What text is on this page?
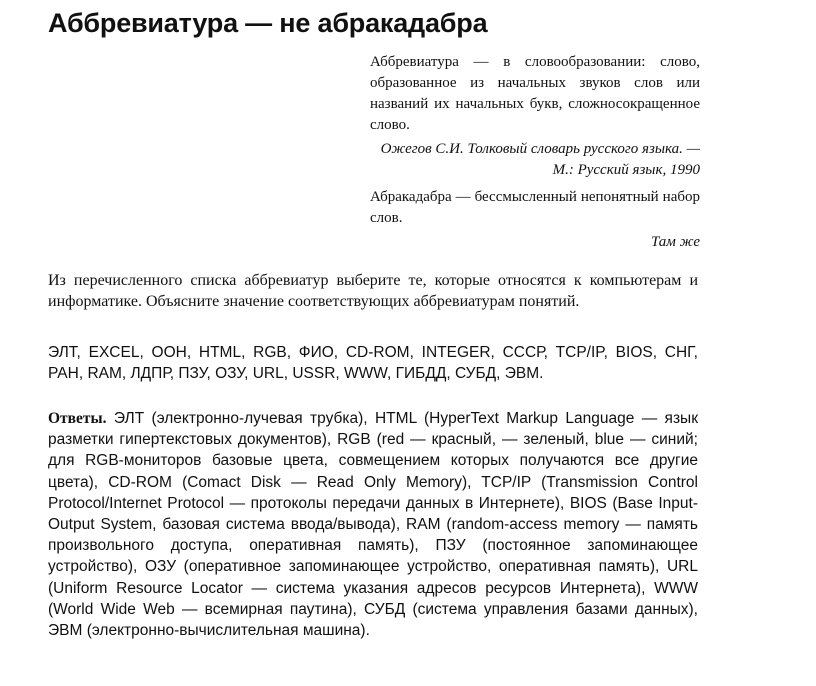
Аббревиатура — не абракадабра

Аббревиатура — в словообразовании: слово, образованное из начальных звуков слов или названий их начальных букв, сложносокращенное слово.

Ожегов С.И. Толковый словарь русского языка. — М.: Русский язык, 1990

Абракадабра — бессмысленный непонятный набор слов.

Там же

Из перечисленного списка аббревиатур выберите те, которые относятся к компьютерам и информатике. Объясните значение соответствующих аббревиатурам понятий.

ЭЛТ, EXCEL, ООН, HTML, RGB, ФИО, CD-ROM, INTEGER, СССР, TCP/IP, BIOS, СНГ, РАН, RAM, ЛДПР, ПЗУ, ОЗУ, URL, USSR, WWW, ГИБДД, СУБД, ЭВМ.

Ответы. ЭЛТ (электронно-лучевая трубка), HTML (HyperText Markup Language — язык разметки гипертекстовых документов), RGB (red — красный, — зеленый, blue — синий; для RGB-мониторов базовые цвета, совмещением которых получаются все другие цвета), CD-ROM (Comact Disk — Read Only Memory), TCP/IP (Transmission Control Protocol/Internet Protocol — протоколы передачи данных в Интернете), BIOS (Base Input-Output System, базовая система ввода/вывода), RAM (random-access memory — память произвольного доступа, оперативная память), ПЗУ (постоянное запоминающее устройство), ОЗУ (оперативное запоминающее устройство, оперативная память), URL (Uniform Resource Locator — система указания адресов ресурсов Интернета), WWW (World Wide Web — всемирная паутина), СУБД (система управления базами данных), ЭВМ (электронно-вычислительная машина).
